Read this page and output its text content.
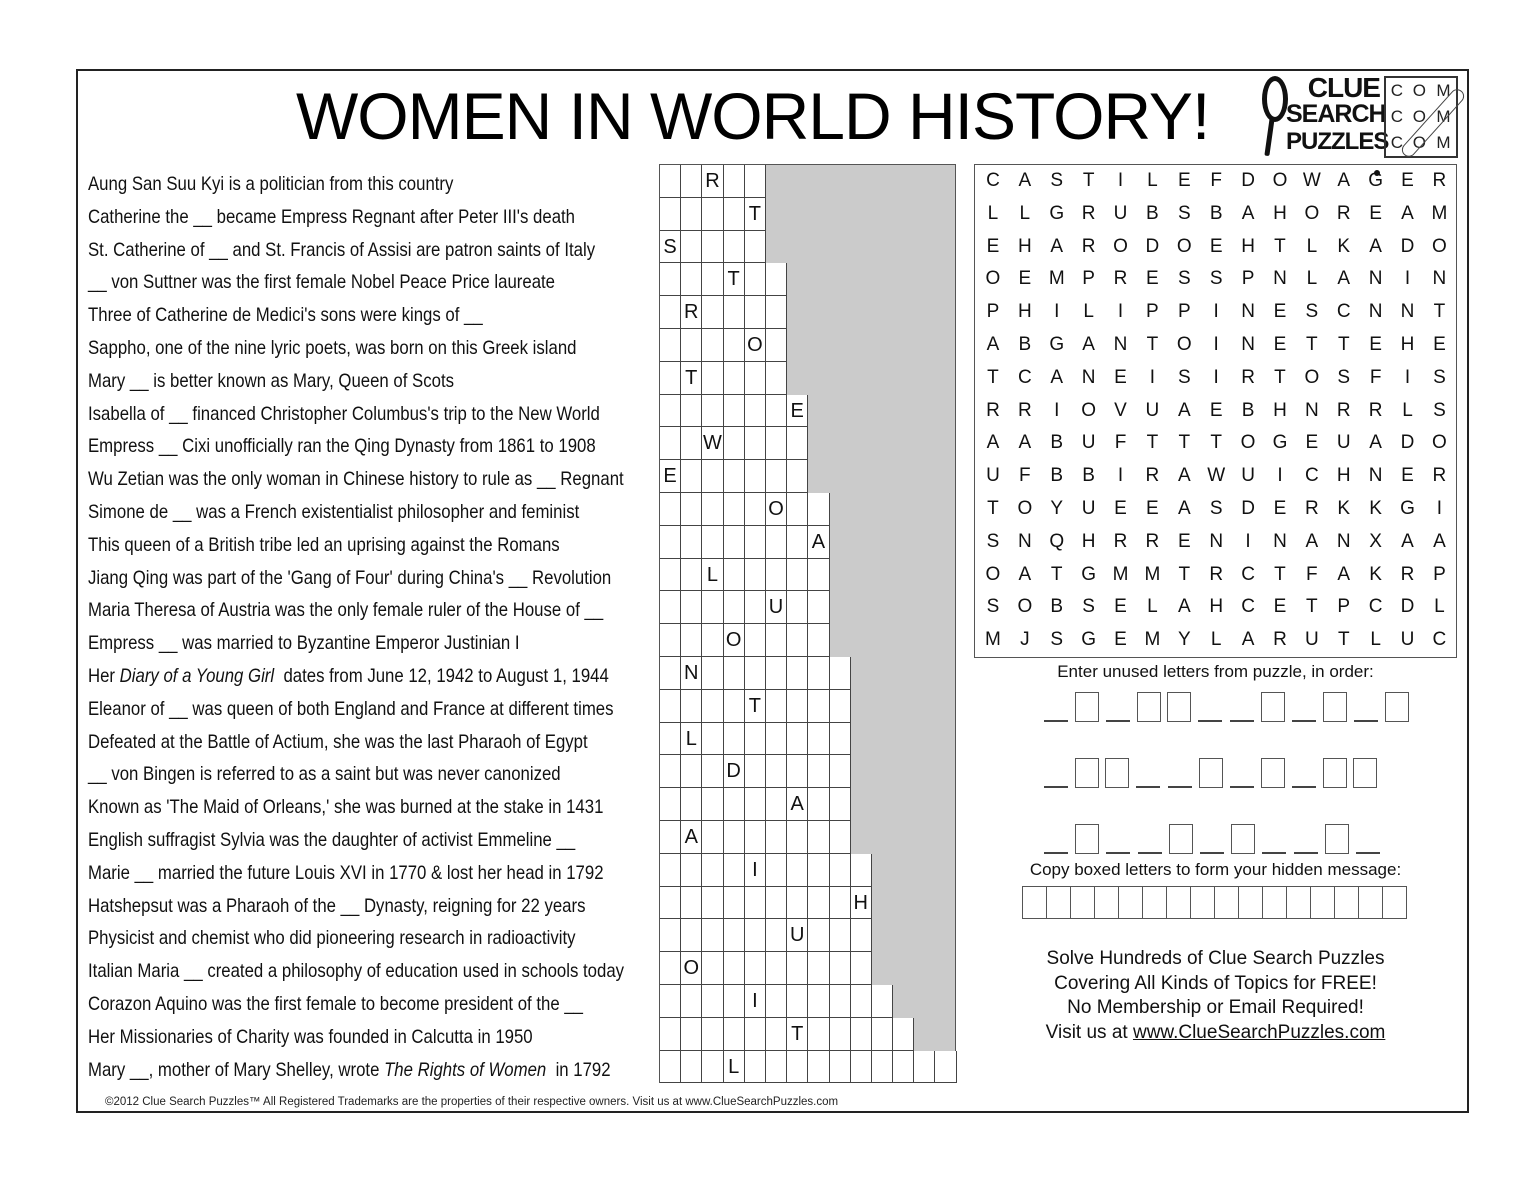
WOMEN IN WORLD HISTORY!	CLUE
SEARCH
PUZZLES
C	O	M
C	O	M
C	O	M
Aung San Suu Kyi is a politician from this country
Catherine the __ became Empress Regnant after Peter III's death
St. Catherine of __ and St. Francis of Assisi are patron saints of Italy
__ von Suttner was the first female Nobel Peace Price laureate
Three of Catherine de Medici's sons were kings of __
Sappho, one of the nine lyric poets, was born on this Greek island
Mary __ is better known as Mary, Queen of Scots
Isabella of __ financed Christopher Columbus's trip to the New World
Empress __ Cixi unofficially ran the Qing Dynasty from 1861 to 1908
Wu Zetian was the only woman in Chinese history to rule as __ Regnant
Simone de __ was a French existentialist philosopher and feminist
This queen of a British tribe led an uprising against the Romans
Jiang Qing was part of the 'Gang of Four' during China's __ Revolution
Maria Theresa of Austria was the only female ruler of the House of __
Empress __ was married to Byzantine Emperor Justinian I
Her Diary of a Young Girl  dates from June 12, 1942 to August 1, 1944
Eleanor of __ was queen of both England and France at different times
Defeated at the Battle of Actium, she was the last Pharaoh of Egypt
__ von Bingen is referred to as a saint but was never canonized
Known as 'The Maid of Orleans,' she was burned at the stake in 1431
English suffragist Sylvia was the daughter of activist Emmeline __
Marie __ married the future Louis XVI in 1770 & lost her head in 1792
Hatshepsut was a Pharaoh of the __ Dynasty, reigning for 22 years
Physicist and chemist who did pioneering research in radioactivity
Italian Maria __ created a philosophy of education used in schools today
Corazon Aquino was the first female to become president of the __
Her Missionaries of Charity was founded in Calcutta in 1950
Mary __, mother of Mary Shelley, wrote The Rights of Women  in 1792
R
T
S
T
R
O
T
E
W
E
O
A
L
U
O
N
T
L
D
A
A
I
H
U
O
I
T
L
C A	S	T	I	L	E	F	D O W A G E R
L	L	G R U B	S	B	A H O R E	A M
E H A R O D O E H	T	L	K	A D O
O E M P R E	S	S	P N	L	A N	I	N
P H	I	L	I	P	P	I	N E	S C N N	T
A	B G A N	T O	I	N E	T	T	E H E
T	C A N E	I	S	I	R	T O S	F	I	S
R R	I	O V U A	E	B H N R R	L	S
A	A	B U	F	T	T	T O G E U A D O
U	F	B	B	I	R A W U	I	C H N E R
T O Y U E	E	A	S D E R K	K G	I
S N Q H R R E N	I	N A N X	A	A
O A	T G M M T	R C	T	F	A	K R P
S O B	S	E	L	A H C E	T	P C D	L
M	J	S G E M Y	L	A R U	T	L	U C
Enter unused letters from puzzle, in order:
Copy boxed letters to form your hidden message:
Solve Hundreds of Clue Search Puzzles
Covering All Kinds of Topics for FREE!
No Membership or Email Required!
Visit us at www.ClueSearchPuzzles.com
©2012 Clue Search Puzzles™ All Registered Trademarks are the properties of their respective owners. Visit us at www.ClueSearchPuzzles.com
